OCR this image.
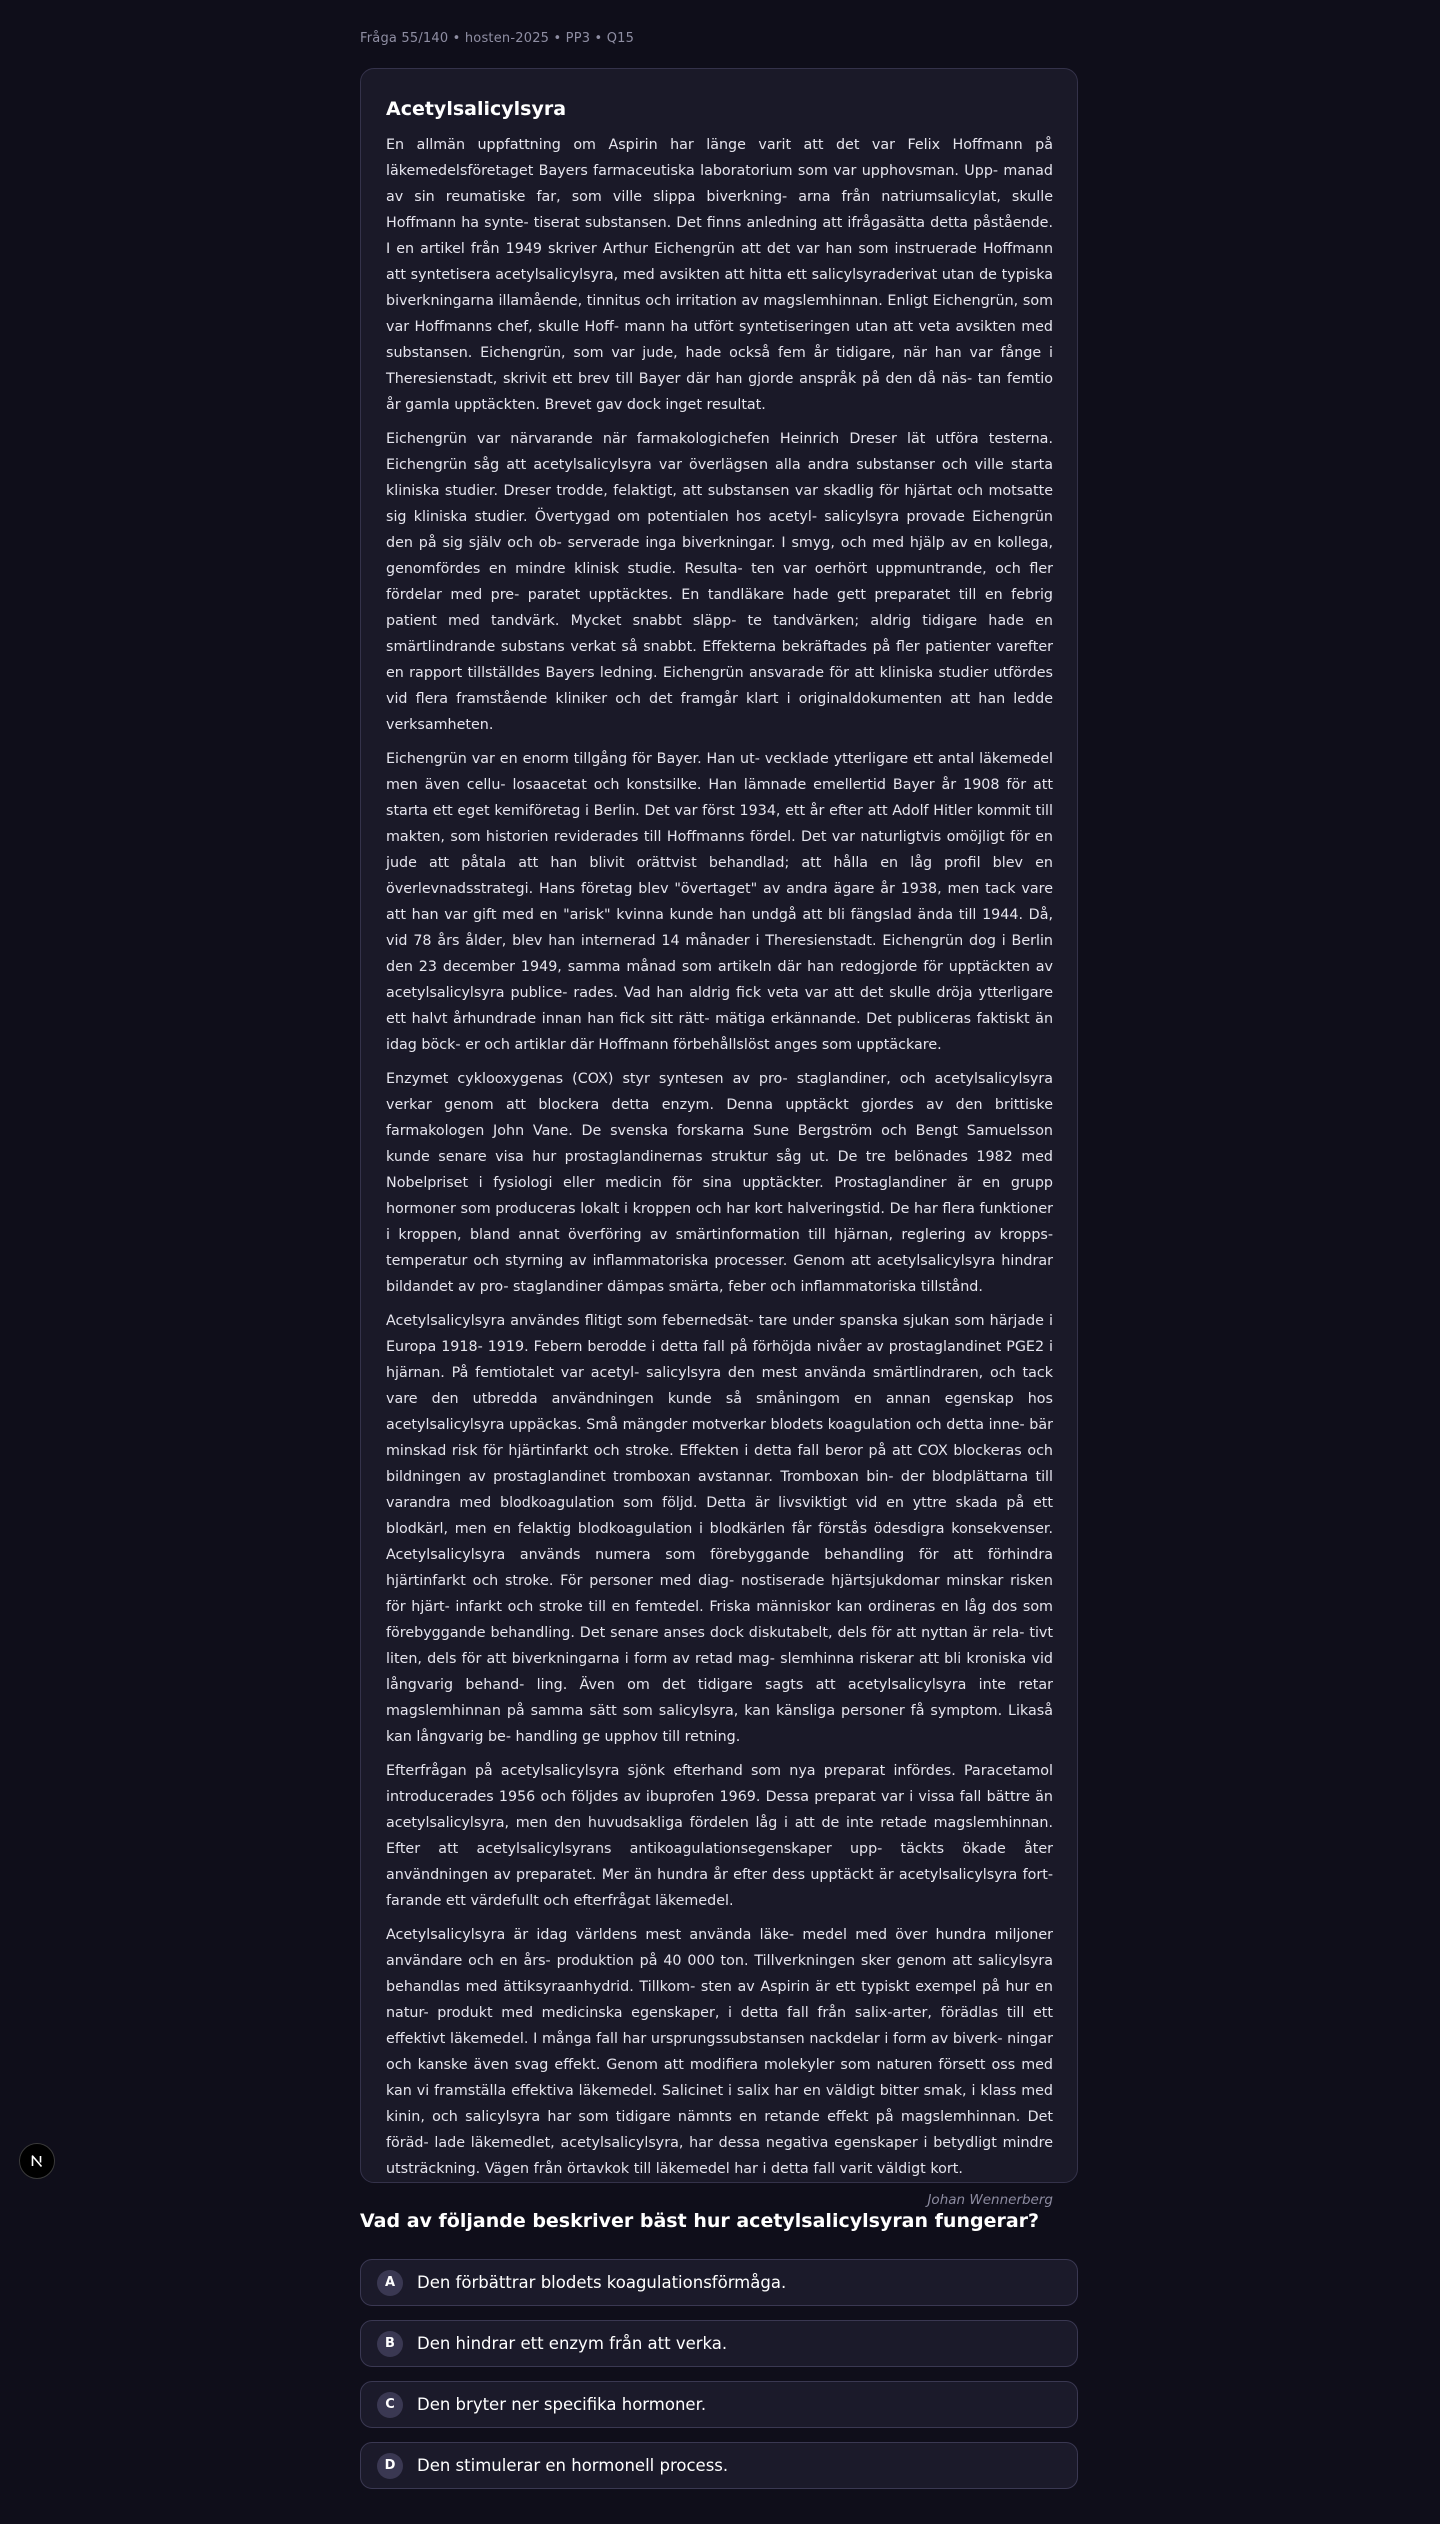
Fråga 55/140 • hosten-2025 • PP3 • Q15
Acetylsalicylsyra

En allmän uppfattning om Aspirin har länge varit att det var Felix Hoffmann på läkemedelsföretaget Bayers farmaceutiska laboratorium som var upphovsman. Upp- manad av sin reumatiske far, som ville slippa biverkning- arna från natriumsalicylat, skulle Hoffmann ha synte- tiserat substansen. Det finns anledning att ifrågasätta detta påstående. I en artikel från 1949 skriver Arthur Eichengrün att det var han som instruerade Hoffmann att syntetisera acetylsalicylsyra, med avsikten att hitta ett salicylsyraderivat utan de typiska biverkningarna illamående, tinnitus och irritation av magslemhinnan. Enligt Eichengrün, som var Hoffmanns chef, skulle Hoff- mann ha utfört syntetiseringen utan att veta avsikten med substansen. Eichengrün, som var jude, hade också fem år tidigare, när han var fånge i Theresienstadt, skrivit ett brev till Bayer där han gjorde anspråk på den då näs- tan femtio år gamla upptäckten. Brevet gav dock inget resultat.

Eichengrün var närvarande när farmakologichefen Heinrich Dreser lät utföra testerna. Eichengrün såg att acetylsalicylsyra var överlägsen alla andra substanser och ville starta kliniska studier. Dreser trodde, felaktigt, att substansen var skadlig för hjärtat och motsatte sig kliniska studier. Övertygad om potentialen hos acetyl- salicylsyra provade Eichengrün den på sig själv och ob- serverade inga biverkningar. I smyg, och med hjälp av en kollega, genomfördes en mindre klinisk studie. Resulta- ten var oerhört uppmuntrande, och fler fördelar med pre- paratet upptäcktes. En tandläkare hade gett preparatet till en febrig patient med tandvärk. Mycket snabbt släpp- te tandvärken; aldrig tidigare hade en smärtlindrande substans verkat så snabbt. Effekterna bekräftades på fler patienter varefter en rapport tillställdes Bayers ledning. Eichengrün ansvarade för att kliniska studier utfördes vid flera framstående kliniker och det framgår klart i originaldokumenten att han ledde verksamheten.

Eichengrün var en enorm tillgång för Bayer. Han ut- vecklade ytterligare ett antal läkemedel men även cellu- losaacetat och konstsilke. Han lämnade emellertid Bayer år 1908 för att starta ett eget kemiföretag i Berlin. Det var först 1934, ett år efter att Adolf Hitler kommit till makten, som historien reviderades till Hoffmanns fördel. Det var naturligtvis omöjligt för en jude att påtala att han blivit orättvist behandlad; att hålla en låg profil blev en överlevnadsstrategi. Hans företag blev "övertaget" av andra ägare år 1938, men tack vare att han var gift med en "arisk" kvinna kunde han undgå att bli fängslad ända till 1944. Då, vid 78 års ålder, blev han internerad 14 månader i Theresienstadt. Eichengrün dog i Berlin den 23 december 1949, samma månad som artikeln där han redogjorde för upptäckten av acetylsalicylsyra publice- rades. Vad han aldrig fick veta var att det skulle dröja ytterligare ett halvt århundrade innan han fick sitt rätt- mätiga erkännande. Det publiceras faktiskt än idag böck- er och artiklar där Hoffmann förbehållslöst anges som upptäckare.

Enzymet cyklooxygenas (COX) styr syntesen av pro- staglandiner, och acetylsalicylsyra verkar genom att blockera detta enzym. Denna upptäckt gjordes av den brittiske farmakologen John Vane. De svenska forskarna Sune Bergström och Bengt Samuelsson kunde senare visa hur prostaglandinernas struktur såg ut. De tre belönades 1982 med Nobelpriset i fysiologi eller medicin för sina upptäckter. Prostaglandiner är en grupp hormoner som produceras lokalt i kroppen och har kort halveringstid. De har flera funktioner i kroppen, bland annat överföring av smärtinformation till hjärnan, reglering av kropps- temperatur och styrning av inflammatoriska processer. Genom att acetylsalicylsyra hindrar bildandet av pro- staglandiner dämpas smärta, feber och inflammatoriska tillstånd.

Acetylsalicylsyra användes flitigt som febernedsät- tare under spanska sjukan som härjade i Europa 1918- 1919. Febern berodde i detta fall på förhöjda nivåer av prostaglandinet PGE2 i hjärnan. På femtiotalet var acetyl- salicylsyra den mest använda smärtlindraren, och tack vare den utbredda användningen kunde så småningom en annan egenskap hos acetylsalicylsyra uppäckas. Små mängder motverkar blodets koagulation och detta inne- bär minskad risk för hjärtinfarkt och stroke. Effekten i detta fall beror på att COX blockeras och bildningen av prostaglandinet tromboxan avstannar. Tromboxan bin- der blodplättarna till varandra med blodkoagulation som följd. Detta är livsviktigt vid en yttre skada på ett blodkärl, men en felaktig blodkoagulation i blodkärlen får förstås ödesdigra konsekvenser. Acetylsalicylsyra används numera som förebyggande behandling för att förhindra hjärtinfarkt och stroke. För personer med diag- nostiserade hjärtsjukdomar minskar risken för hjärt- infarkt och stroke till en femtedel. Friska människor kan ordineras en låg dos som förebyggande behandling. Det senare anses dock diskutabelt, dels för att nyttan är rela- tivt liten, dels för att biverkningarna i form av retad mag- slemhinna riskerar att bli kroniska vid långvarig behand- ling. Även om det tidigare sagts att acetylsalicylsyra inte retar magslemhinnan på samma sätt som salicylsyra, kan känsliga personer få symptom. Likaså kan långvarig be- handling ge upphov till retning.

Efterfrågan på acetylsalicylsyra sjönk efterhand som nya preparat infördes. Paracetamol introducerades 1956 och följdes av ibuprofen 1969. Dessa preparat var i vissa fall bättre än acetylsalicylsyra, men den huvudsakliga fördelen låg i att de inte retade magslemhinnan. Efter att acetylsalicylsyrans antikoagulationsegenskaper upp- täckts ökade åter användningen av preparatet. Mer än hundra år efter dess upptäckt är acetylsalicylsyra fort- farande ett värdefullt och efterfrågat läkemedel.

Acetylsalicylsyra är idag världens mest använda läke- medel med över hundra miljoner användare och en års- produktion på 40 000 ton. Tillverkningen sker genom att salicylsyra behandlas med ättiksyraanhydrid. Tillkom- sten av Aspirin är ett typiskt exempel på hur en natur- produkt med medicinska egenskaper, i detta fall från salix-arter, förädlas till ett effektivt läkemedel. I många fall har ursprungssubstansen nackdelar i form av biverk- ningar och kanske även svag effekt. Genom att modifiera molekyler som naturen försett oss med kan vi framställa effektiva läkemedel. Salicinet i salix har en väldigt bitter smak, i klass med kinin, och salicylsyra har som tidigare nämnts en retande effekt på magslemhinnan. Det föräd- lade läkemedlet, acetylsalicylsyra, har dessa negativa egenskaper i betydligt mindre utsträckning. Vägen från örtavkok till läkemedel har i detta fall varit väldigt kort.

Johan Wennerberg
Vad av följande beskriver bäst hur acetylsalicylsyran fungerar?
A	Den förbättrar blodets koagulationsförmåga.
B	Den hindrar ett enzym från att verka.
C	Den bryter ner specifika hormoner.
D	Den stimulerar en hormonell process.
